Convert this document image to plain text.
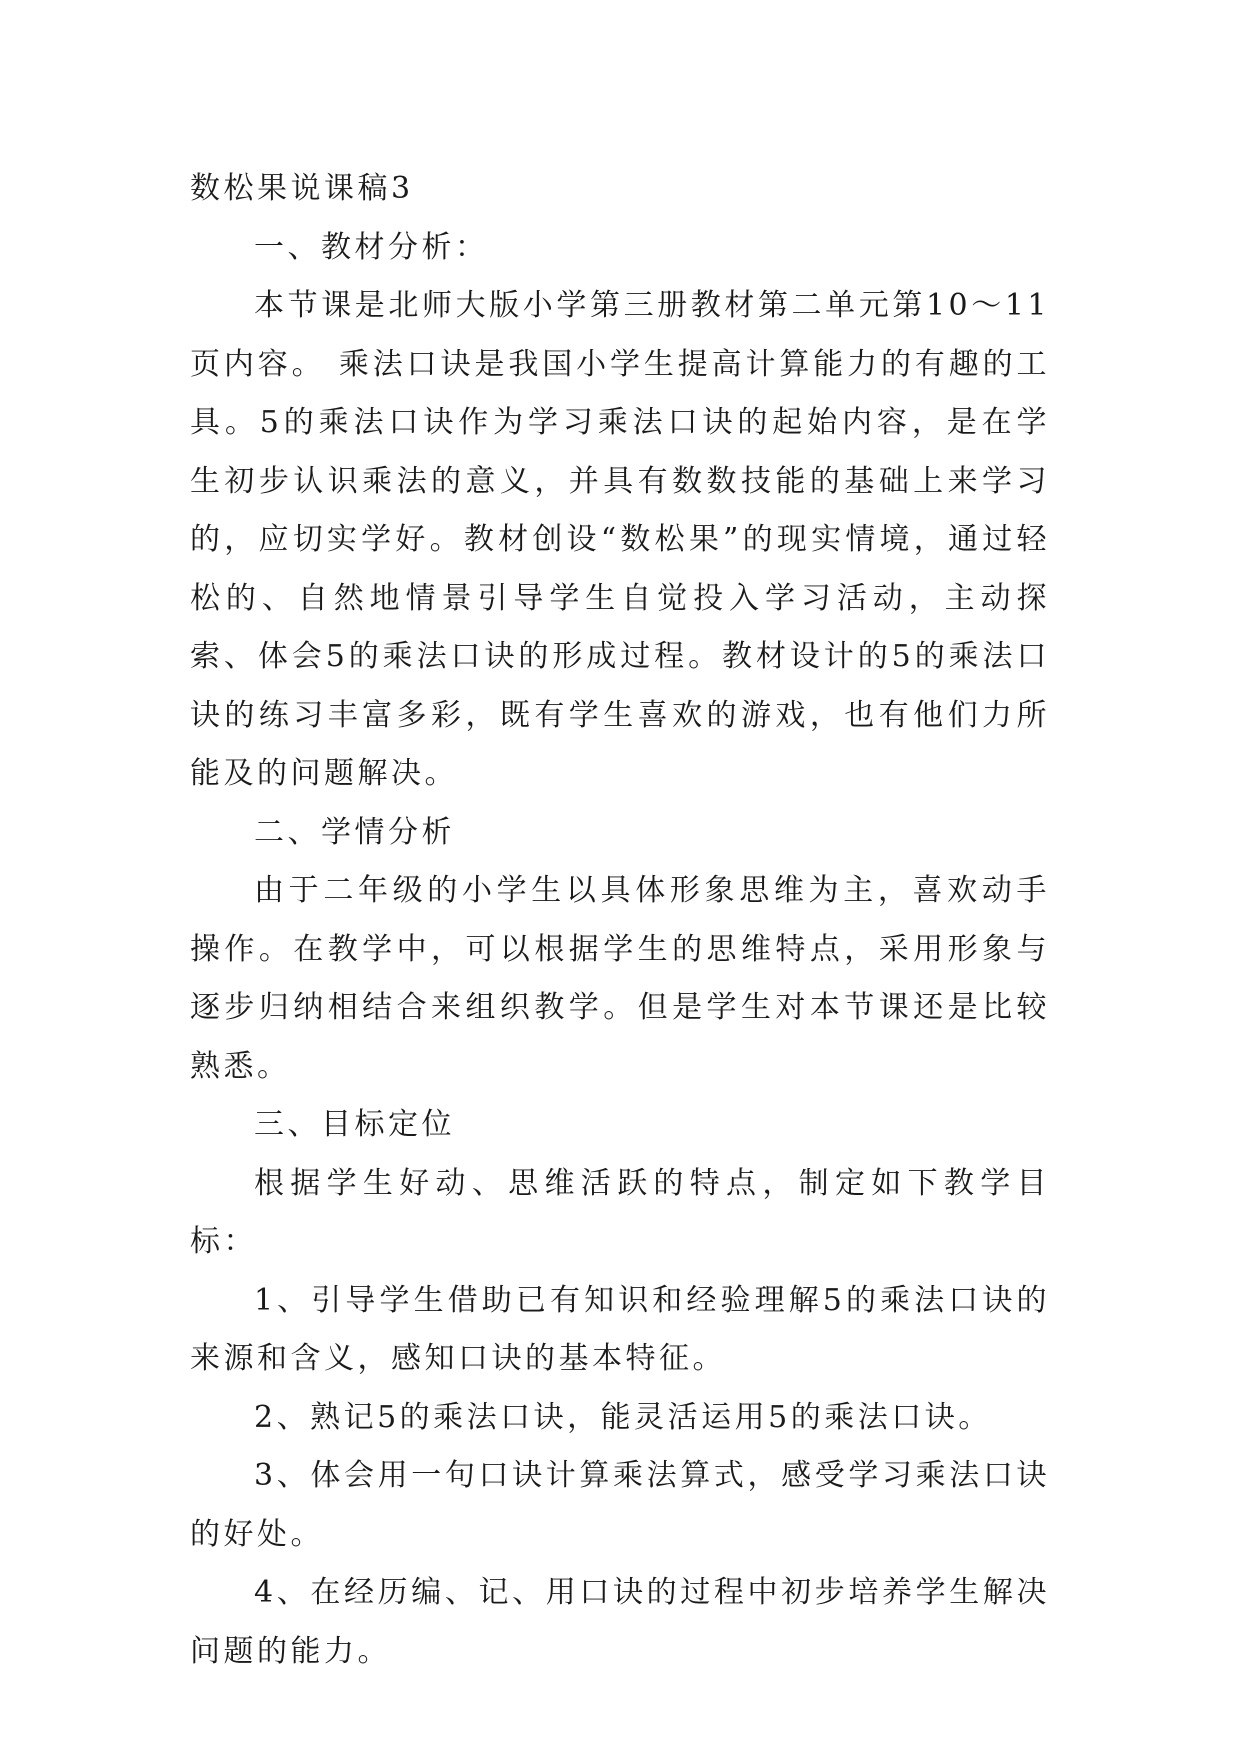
数松果说课稿3

一、教材分析：

本节课是北师大版小学第三册教材第二单元第10～11页内容。 乘法口诀是我国小学生提高计算能力的有趣的工具。5的乘法口诀作为学习乘法口诀的起始内容，是在学生初步认识乘法的意义，并具有数数技能的基础上来学习的，应切实学好。教材创设“数松果”的现实情境，通过轻松的、自然地情景引导学生自觉投入学习活动，主动探索、体会5的乘法口诀的形成过程。教材设计的5的乘法口诀的练习丰富多彩，既有学生喜欢的游戏，也有他们力所能及的问题解决。

二、学情分析

由于二年级的小学生以具体形象思维为主，喜欢动手操作。在教学中，可以根据学生的思维特点，采用形象与逐步归纳相结合来组织教学。但是学生对本节课还是比较熟悉。

三、目标定位

根据学生好动、思维活跃的特点，制定如下教学目标：

1、引导学生借助已有知识和经验理解5的乘法口诀的来源和含义，感知口诀的基本特征。

2、熟记5的乘法口诀，能灵活运用5的乘法口诀。

3、体会用一句口诀计算乘法算式，感受学习乘法口诀的好处。

4、在经历编、记、用口诀的过程中初步培养学生解决问题的能力。
